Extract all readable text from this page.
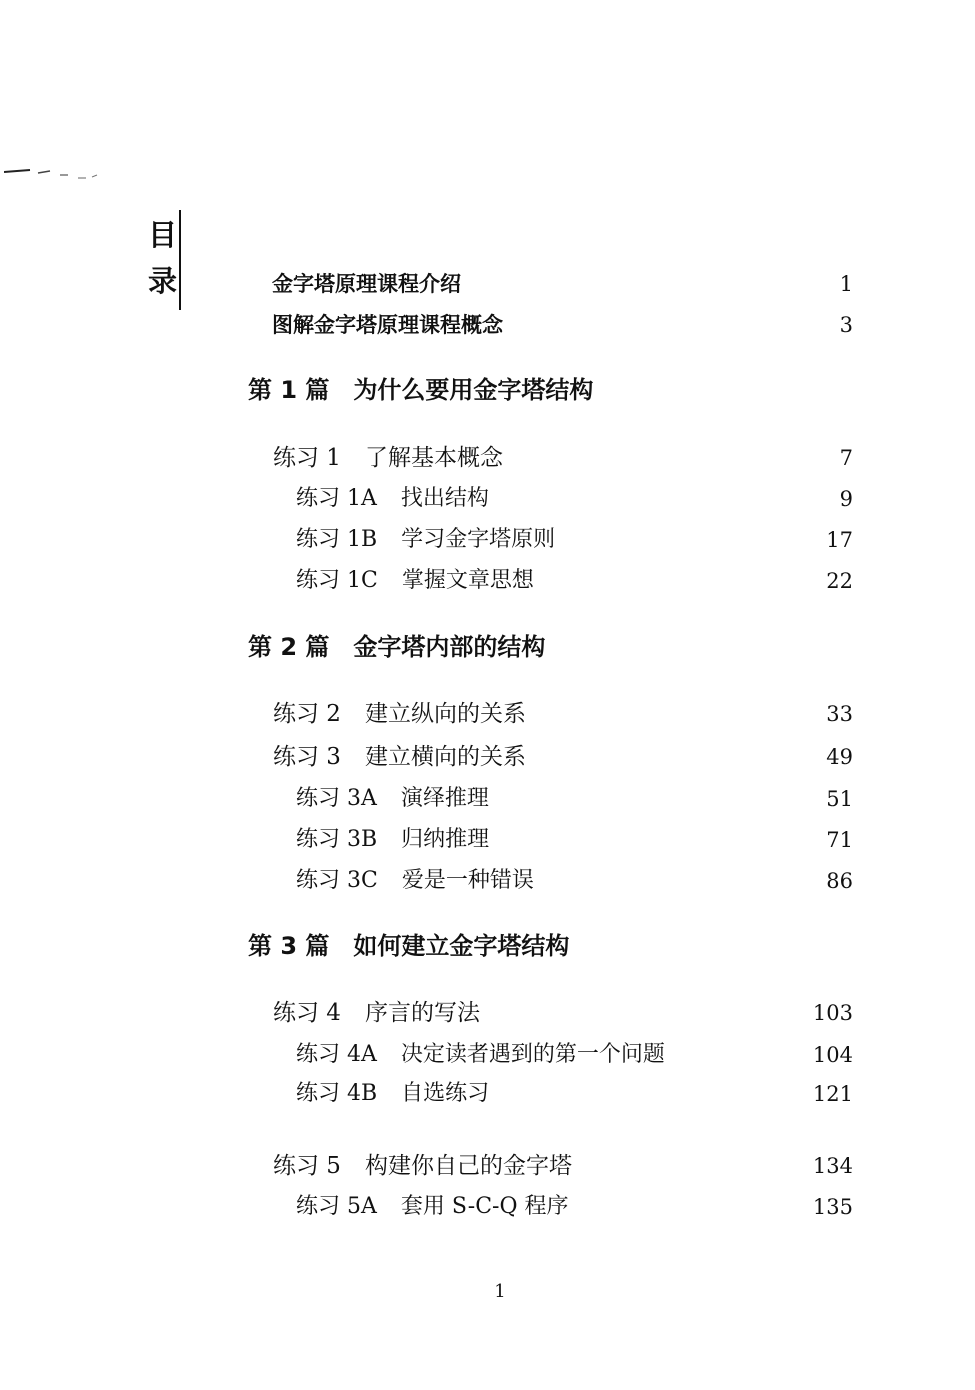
目
录	金字塔原理课程介绍	1
图解金字塔原理课程概念	3
第 1 篇 为什么要用金字塔结构
练习 1 了解基本概念	7
练习 1A 找出结构	9
练习 1B 学习金字塔原则	17
练习 1C 掌握文章思想	22
第 2 篇 金字塔内部的结构
练习 2 建立纵向的关系	33
练习 3 建立横向的关系	49
练习 3A 演绎推理	51
练习 3B 归纳推理	71
练习 3C 爱是一种错误	86
第 3 篇 如何建立金字塔结构
练习 4 序言的写法	103
练习 4A 决定读者遇到的第一个问题	104
练习 4B 自选练习	121
练习 5 构建你自己的金字塔	134
练习 5A 套用 S-C-Q 程序	135
1
